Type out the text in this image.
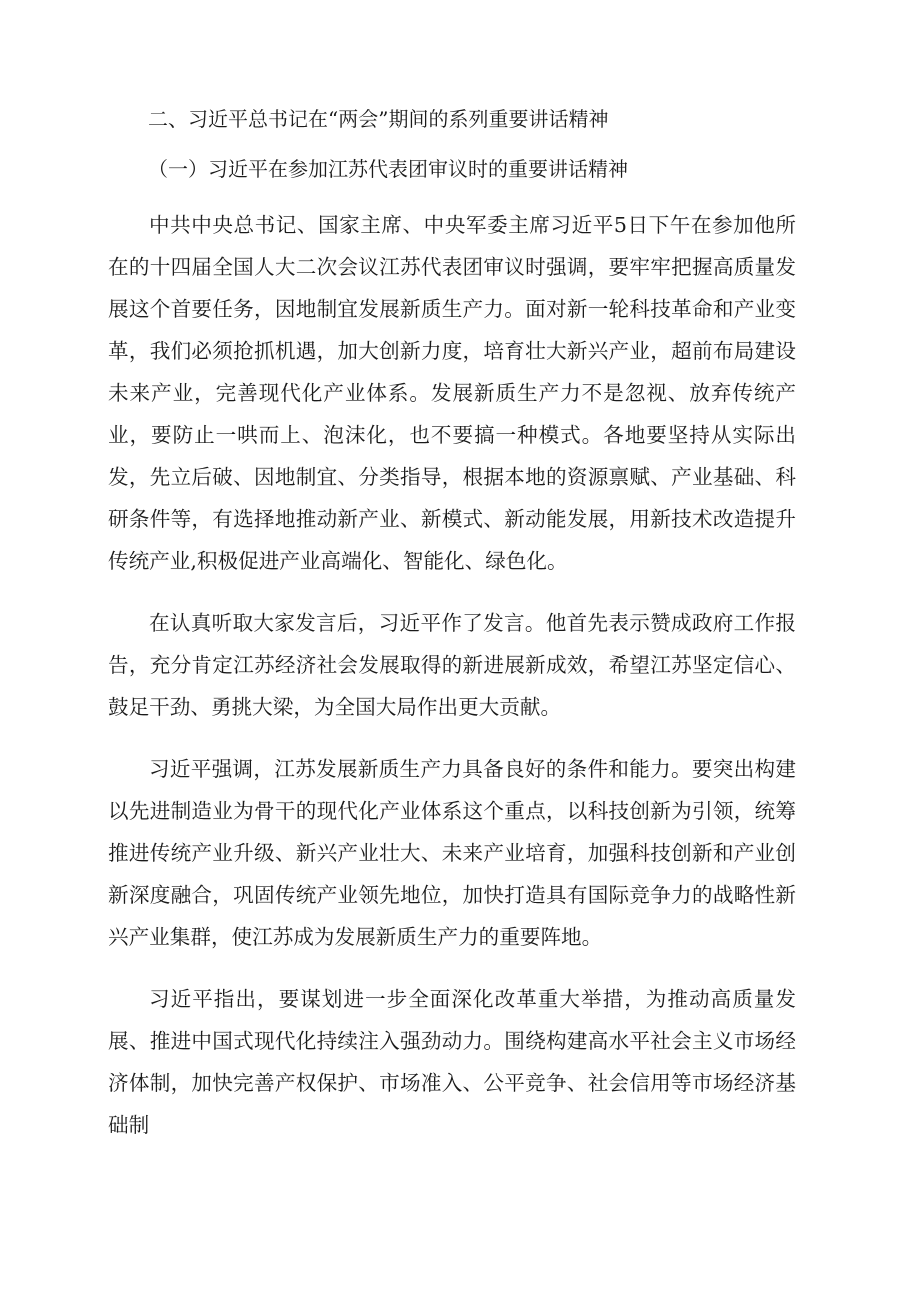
二、习近平总书记在“两会”期间的系列重要讲话精神
（一）习近平在参加江苏代表团审议时的重要讲话精神

中共中央总书记、国家主席、中央军委主席习近平5日下午在参加他所在的十四届全国人大二次会议江苏代表团审议时强调，要牢牢把握高质量发展这个首要任务，因地制宜发展新质生产力。面对新一轮科技革命和产业变革，我们必须抢抓机遇，加大创新力度，培育壮大新兴产业，超前布局建设未来产业，完善现代化产业体系。发展新质生产力不是忽视、放弃传统产业，要防止一哄而上、泡沫化，也不要搞一种模式。各地要坚持从实际出发，先立后破、因地制宜、分类指导，根据本地的资源禀赋、产业基础、科研条件等，有选择地推动新产业、新模式、新动能发展，用新技术改造提升传统产业,积极促进产业高端化、智能化、绿色化。

在认真听取大家发言后，习近平作了发言。他首先表示赞成政府工作报告，充分肯定江苏经济社会发展取得的新进展新成效，希望江苏坚定信心、鼓足干劲、勇挑大梁，为全国大局作出更大贡献。

习近平强调，江苏发展新质生产力具备良好的条件和能力。要突出构建以先进制造业为骨干的现代化产业体系这个重点，以科技创新为引领，统筹推进传统产业升级、新兴产业壮大、未来产业培育，加强科技创新和产业创新深度融合，巩固传统产业领先地位，加快打造具有国际竞争力的战略性新兴产业集群，使江苏成为发展新质生产力的重要阵地。

习近平指出，要谋划进一步全面深化改革重大举措，为推动高质量发展、推进中国式现代化持续注入强劲动力。围绕构建高水平社会主义市场经济体制，加快完善产权保护、市场准入、公平竞争、社会信用等市场经济基础制
